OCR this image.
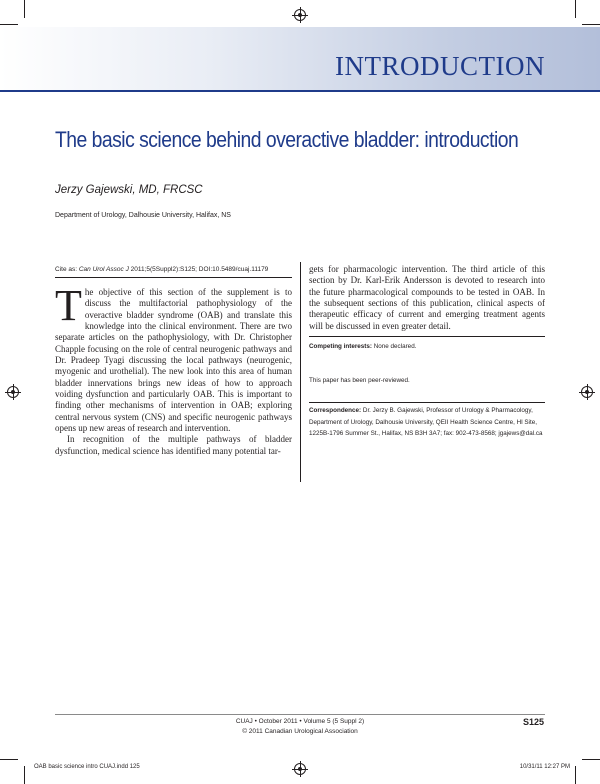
INTRODUCTION
The basic science behind overactive bladder: introduction
Jerzy Gajewski, MD, FRCSC
Department of Urology, Dalhousie University, Halifax, NS
Cite as: Can Urol Assoc J 2011;5(5Suppl2):S125; DOI:10.5489/cuaj.11179

The objective of this section of the supplement is to discuss the multifactorial pathophysiology of the overactive bladder syndrome (OAB) and translate this knowledge into the clinical environment. There are two separate articles on the pathophysiology, with Dr. Christopher Chapple focusing on the role of central neurogenic pathways and Dr. Pradeep Tyagi discussing the local pathways (neurogenic, myogenic and urothelial). The new look into this area of human bladder innervations brings new ideas of how to approach voiding dysfunction and particularly OAB. This is important to finding other mechanisms of intervention in OAB; exploring central nervous system (CNS) and specific neurogenic pathways opens up new areas of research and intervention.

In recognition of the multiple pathways of bladder dysfunction, medical science has identified many potential tar-

gets for pharmacologic intervention. The third article of this section by Dr. Karl-Erik Andersson is devoted to research into the future pharmacological compounds to be tested in OAB. In the subsequent sections of this publication, clinical aspects of therapeutic efficacy of current and emerging treatment agents will be discussed in even greater detail.

Competing interests: None declared.
This paper has been peer-reviewed.
Correspondence: Dr. Jerzy B. Gajewski, Professor of Urology & Pharmacology, Department of Urology, Dalhousie University, QEII Health Science Centre, Hl Site, 1225B-1796 Summer St., Halifax, NS B3H 3A7; fax: 902-473-8568; jgajews@dal.ca
CUAJ • October 2011 • Volume 5 (5 Suppl 2)
© 2011 Canadian Urological Association
S125
OAB basic science intro CUAJ.indd 125	10/31/11 12:27 PM
